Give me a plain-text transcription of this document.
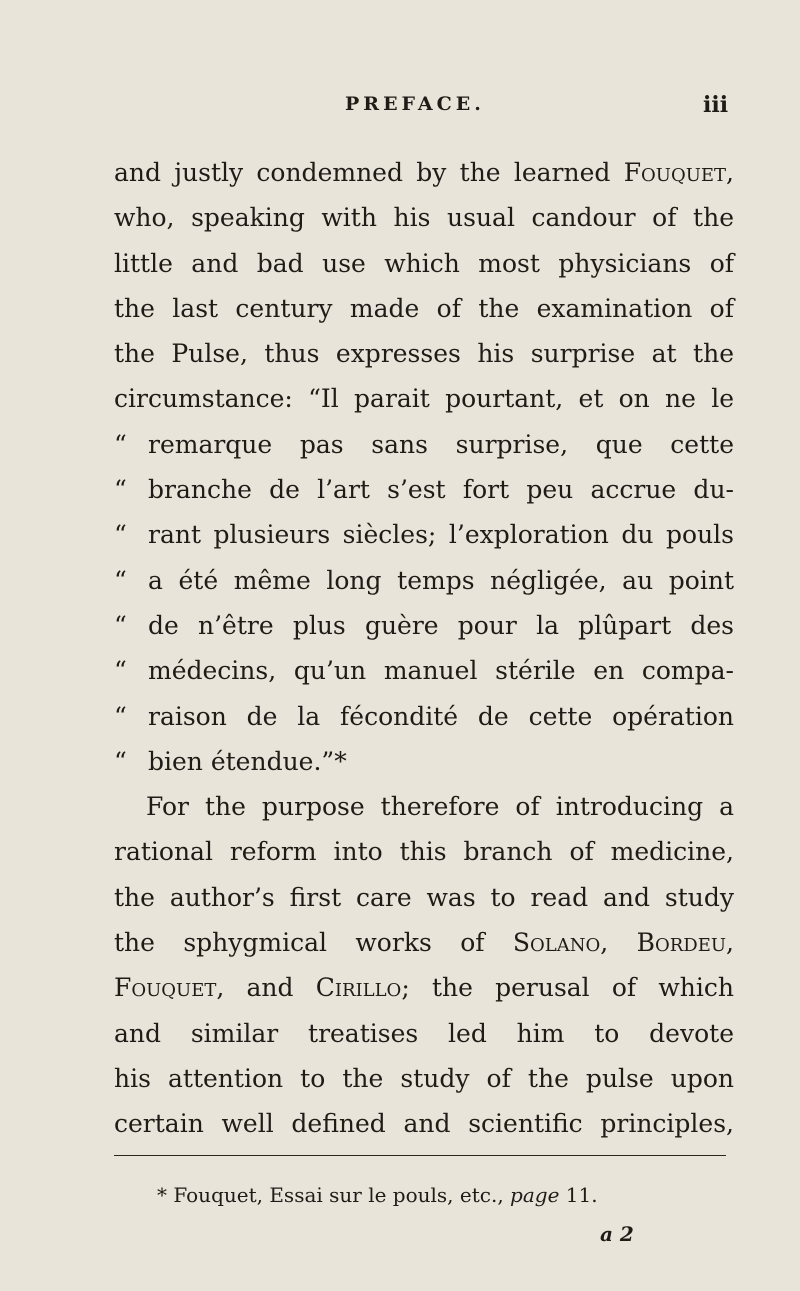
PREFACE.	iii
and justly condemned by the learned Fouquet,
who, speaking with his usual candour of the
little and bad use which most physicians of
the last century made of the examination of
the Pulse, thus expresses his surprise at the
circumstance: “Il parait pourtant, et on ne le
“ remarque pas sans surprise, que cette
“ branche de l’art s’est fort peu accrue du-
“ rant plusieurs siècles; l’exploration du pouls
“ a été même long temps négligée, au point
“ de n’être plus guère pour la plûpart des
“ médecins, qu’un manuel stérile en compa-
“ raison de la fécondité de cette opération
“ bien étendue.”*
For the purpose therefore of introducing a
rational reform into this branch of medicine,
the author’s first care was to read and study
the sphygmical works of Solano, Bordeu,
Fouquet, and Cirillo; the perusal of which
and similar treatises led him to devote
his attention to the study of the pulse upon
certain well defined and scientific principles,
* Fouquet, Essai sur le pouls, etc., page 11.
a 2
